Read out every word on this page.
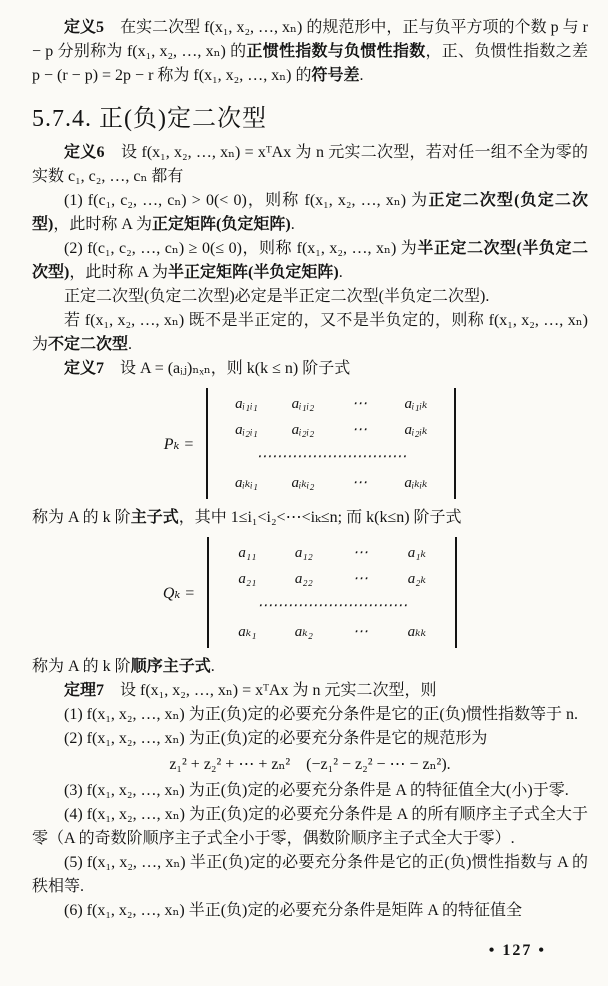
定义5　在实二次型 f(x₁, x₂, …, xₙ) 的规范形中，正与负平方项的个数 p 与 r − p 分别称为 f(x₁, x₂, …, xₙ) 的正惯性指数与负惯性指数，正、负惯性指数之差 p − (r − p) = 2p − r 称为 f(x₁, x₂, …, xₙ) 的符号差.

5.7.4. 正(负)定二次型

定义6　设 f(x₁, x₂, …, xₙ) = xᵀAx 为 n 元实二次型，若对任一组不全为零的实数 c₁, c₂, …, cₙ 都有

(1) f(c₁, c₂, …, cₙ) > 0(< 0)，则称 f(x₁, x₂, …, xₙ) 为正定二次型(负定二次型)，此时称 A 为正定矩阵(负定矩阵).

(2) f(c₁, c₂, …, cₙ) ≥ 0(≤ 0)，则称 f(x₁, x₂, …, xₙ) 为半正定二次型(半负定二次型)，此时称 A 为半正定矩阵(半负定矩阵).

正定二次型(负定二次型)必定是半正定二次型(半负定二次型).

若 f(x₁, x₂, …, xₙ) 既不是半正定的，又不是半负定的，则称 f(x₁, x₂, …, xₙ) 为不定二次型.

定义7　设 A = (aᵢⱼ)ₙₓₙ，则 k(k ≤ n) 阶子式

Pₖ =
aᵢ₁ᵢ₁	aᵢ₁ᵢ₂	⋯	aᵢ₁ᵢₖ
aᵢ₂ᵢ₁	aᵢ₂ᵢ₂	⋯	aᵢ₂ᵢₖ
⋯⋯⋯⋯⋯⋯⋯⋯⋯⋯
aᵢₖᵢ₁	aᵢₖᵢ₂	⋯	aᵢₖᵢₖ

称为 A 的 k 阶主子式，其中 1≤i₁<i₂<⋯<iₖ≤n; 而 k(k≤n) 阶子式

Qₖ =
a₁₁	a₁₂	⋯	a₁ₖ
a₂₁	a₂₂	⋯	a₂ₖ
⋯⋯⋯⋯⋯⋯⋯⋯⋯⋯
aₖ₁	aₖ₂	⋯	aₖₖ

称为 A 的 k 阶顺序主子式.

定理7　设 f(x₁, x₂, …, xₙ) = xᵀAx 为 n 元实二次型，则

(1) f(x₁, x₂, …, xₙ) 为正(负)定的必要充分条件是它的正(负)惯性指数等于 n.

(2) f(x₁, x₂, …, xₙ) 为正(负)定的必要充分条件是它的规范形为

z₁² + z₂² + ⋯ + zₙ²　(−z₁² − z₂² − ⋯ − zₙ²).

(3) f(x₁, x₂, …, xₙ) 为正(负)定的必要充分条件是 A 的特征值全大(小)于零.

(4) f(x₁, x₂, …, xₙ) 为正(负)定的必要充分条件是 A 的所有顺序主子式全大于零（A 的奇数阶顺序主子式全小于零，偶数阶顺序主子式全大于零）.

(5) f(x₁, x₂, …, xₙ) 半正(负)定的必要充分条件是它的正(负)惯性指数与 A 的秩相等.

(6) f(x₁, x₂, …, xₙ) 半正(负)定的必要充分条件是矩阵 A 的特征值全

• 127 •
